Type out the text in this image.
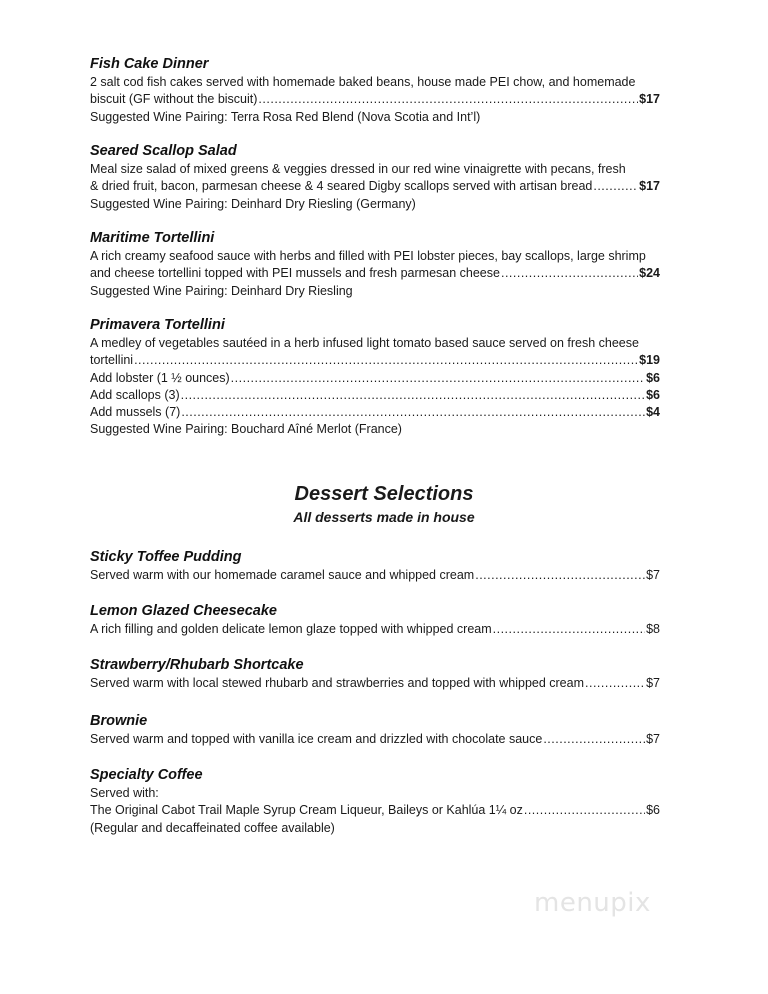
Fish Cake Dinner
2 salt cod fish cakes served with homemade baked beans, house made PEI chow, and homemade
biscuit (GF without the biscuit) .....	$17
Suggested Wine Pairing: Terra Rosa Red Blend (Nova Scotia and Int’l)
Seared Scallop Salad
Meal size salad of mixed greens & veggies dressed in our red wine vinaigrette with pecans, fresh
& dried fruit, bacon, parmesan cheese & 4 seared Digby scallops served with artisan bread .....	$17
Suggested Wine Pairing: Deinhard Dry Riesling (Germany)
Maritime Tortellini
A rich creamy seafood sauce with herbs and filled with PEI lobster pieces, bay scallops, large shrimp
and cheese tortellini topped with PEI mussels and fresh parmesan cheese .....	$24
Suggested Wine Pairing: Deinhard Dry Riesling
Primavera Tortellini
A medley of vegetables sautéed in a herb infused light tomato based sauce served on fresh cheese
tortellini .....	$19
Add lobster (1 ½ ounces) .....	$6
Add scallops (3) .....	$6
Add mussels (7) .....	$4
Suggested Wine Pairing: Bouchard Aîné Merlot (France)
Dessert Selections
All desserts made in house
Sticky Toffee Pudding
Served warm with our homemade caramel sauce and whipped cream .....	$7
Lemon Glazed Cheesecake
A rich filling and golden delicate lemon glaze topped with whipped cream .....	$8
Strawberry/Rhubarb Shortcake
Served warm with local stewed rhubarb and strawberries and topped with whipped cream .....	$7
Brownie
Served warm and topped with vanilla ice cream and drizzled with chocolate sauce .....	$7
Specialty Coffee
Served with:
The Original Cabot Trail Maple Syrup Cream Liqueur, Baileys or Kahlúa 1¼ oz .....	$6
(Regular and decaffeinated coffee available)
menupix
